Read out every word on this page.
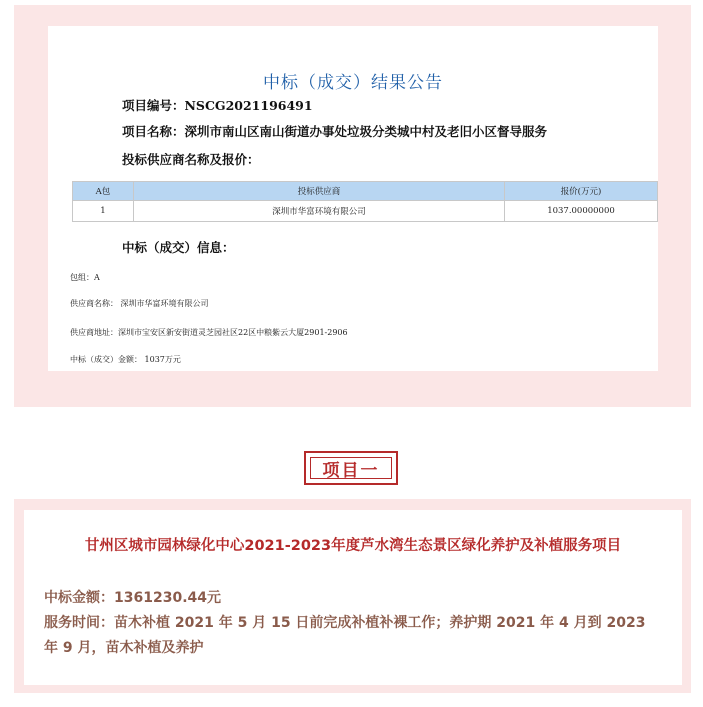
中标（成交）结果公告
项目编号：NSCG2021196491
项目名称：深圳市南山区南山街道办事处垃圾分类城中村及老旧小区督导服务
投标供应商名称及报价：
A包	投标供应商	报价(万元)
1	深圳市华富环境有限公司	1037.00000000
中标（成交）信息：
包组：A
供应商名称： 深圳市华富环境有限公司
供应商地址：深圳市宝安区新安街道灵芝园社区22区中粮紫云大厦2901-2906
中标（成交）金额： 1037万元
项目一
甘州区城市园林绿化中心2021-2023年度芦水湾生态景区绿化养护及补植服务项目
中标金额：1361230.44元
服务时间：苗木补植 2021 年 5 月 15 日前完成补植补裸工作；养护期 2021 年 4 月到 2023 年 9 月，苗木补植及养护
